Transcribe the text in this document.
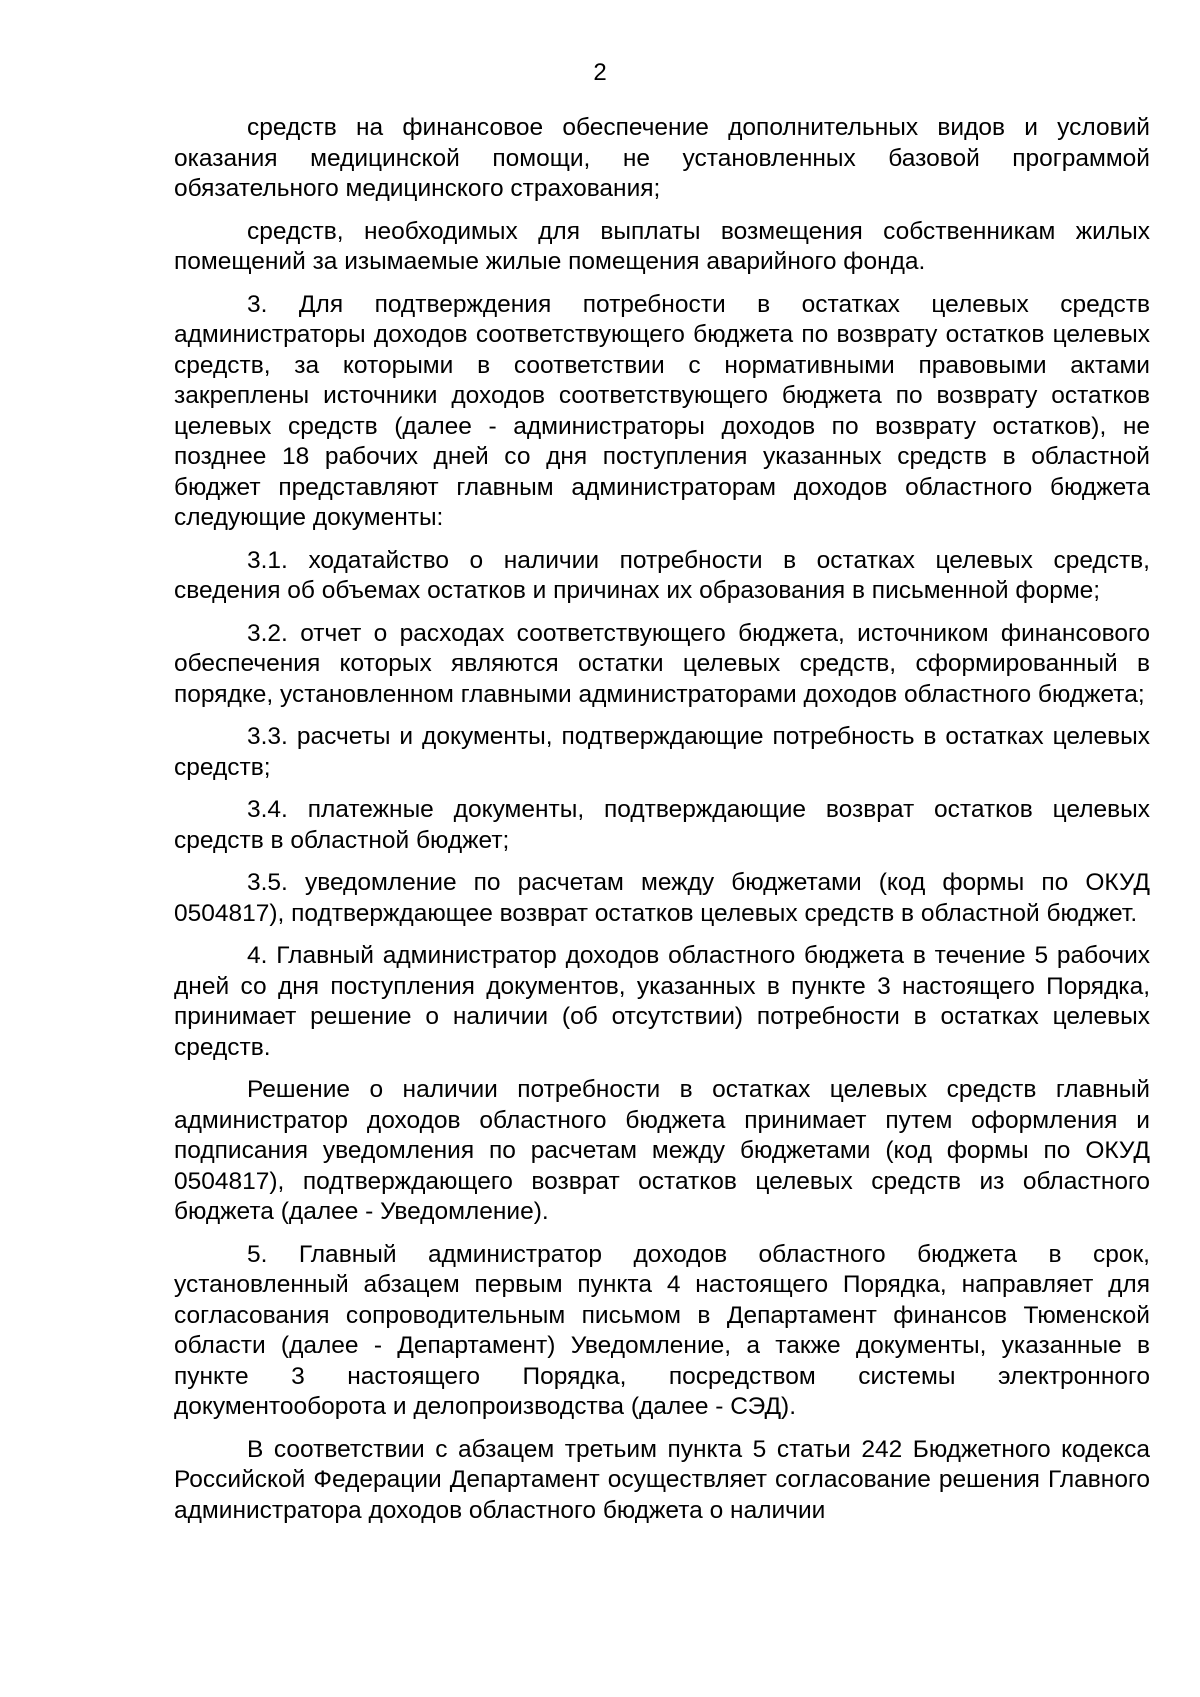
2

средств на финансовое обеспечение дополнительных видов и условий оказания медицинской помощи, не установленных базовой программой обязательного медицинского страхования;

средств, необходимых для выплаты возмещения собственникам жилых помещений за изымаемые жилые помещения аварийного фонда.

3. Для подтверждения потребности в остатках целевых средств администраторы доходов соответствующего бюджета по возврату остатков целевых средств, за которыми в соответствии с нормативными правовыми актами закреплены источники доходов соответствующего бюджета по возврату остатков целевых средств (далее - администраторы доходов по возврату остатков), не позднее 18 рабочих дней со дня поступления указанных средств в областной бюджет представляют главным администраторам доходов областного бюджета следующие документы:

3.1. ходатайство о наличии потребности в остатках целевых средств, сведения об объемах остатков и причинах их образования в письменной форме;

3.2. отчет о расходах соответствующего бюджета, источником финансового обеспечения которых являются остатки целевых средств, сформированный в порядке, установленном главными администраторами доходов областного бюджета;

3.3. расчеты и документы, подтверждающие потребность в остатках целевых средств;

3.4. платежные документы, подтверждающие возврат остатков целевых средств в областной бюджет;

3.5. уведомление по расчетам между бюджетами (код формы по ОКУД 0504817), подтверждающее возврат остатков целевых средств в областной бюджет.

4. Главный администратор доходов областного бюджета в течение 5 рабочих дней со дня поступления документов, указанных в пункте 3 настоящего Порядка, принимает решение о наличии (об отсутствии) потребности в остатках целевых средств.

Решение о наличии потребности в остатках целевых средств главный администратор доходов областного бюджета принимает путем оформления и подписания уведомления по расчетам между бюджетами (код формы по ОКУД 0504817), подтверждающего возврат остатков целевых средств из областного бюджета (далее - Уведомление).

5. Главный администратор доходов областного бюджета в срок, установленный абзацем первым пункта 4 настоящего Порядка, направляет для согласования сопроводительным письмом в Департамент финансов Тюменской области (далее - Департамент) Уведомление, а также документы, указанные в пункте 3 настоящего Порядка, посредством системы электронного документооборота и делопроизводства (далее - СЭД).

В соответствии с абзацем третьим пункта 5 статьи 242 Бюджетного кодекса Российской Федерации Департамент осуществляет согласование решения Главного администратора доходов областного бюджета о наличии
